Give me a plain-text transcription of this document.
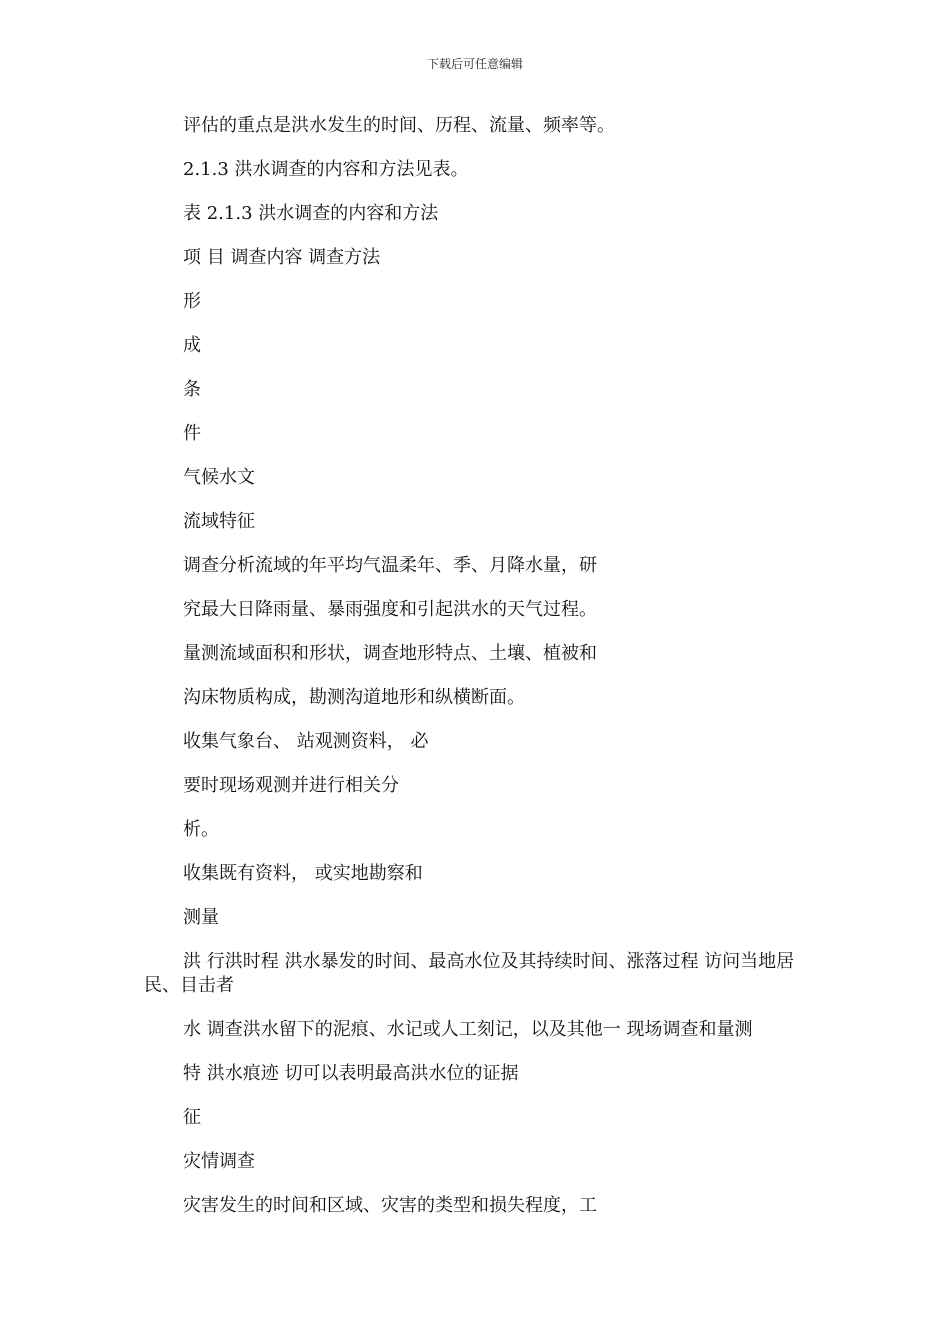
下载后可任意编辑

评估的重点是洪水发生的时间、历程、流量、频率等。

2.1.3 洪水调查的内容和方法见表。

表 2.1.3 洪水调查的内容和方法

项 目 调查内容 调查方法

形

成

条

件

气候水文

流域特征

调查分析流域的年平均气温柔年、季、月降水量，研

究最大日降雨量、暴雨强度和引起洪水的天气过程。

量测流域面积和形状，调查地形特点、土壤、植被和

沟床物质构成，勘测沟道地形和纵横断面。

收集气象台、 站观测资料， 必

要时现场观测并进行相关分

析。

收集既有资料， 或实地勘察和

测量

洪 行洪时程 洪水暴发的时间、最高水位及其持续时间、涨落过程 访问当地居民、目击者

水 调查洪水留下的泥痕、水记或人工刻记，以及其他一 现场调查和量测

特 洪水痕迹 切可以表明最高洪水位的证据

征

灾情调查

灾害发生的时间和区域、灾害的类型和损失程度，工
